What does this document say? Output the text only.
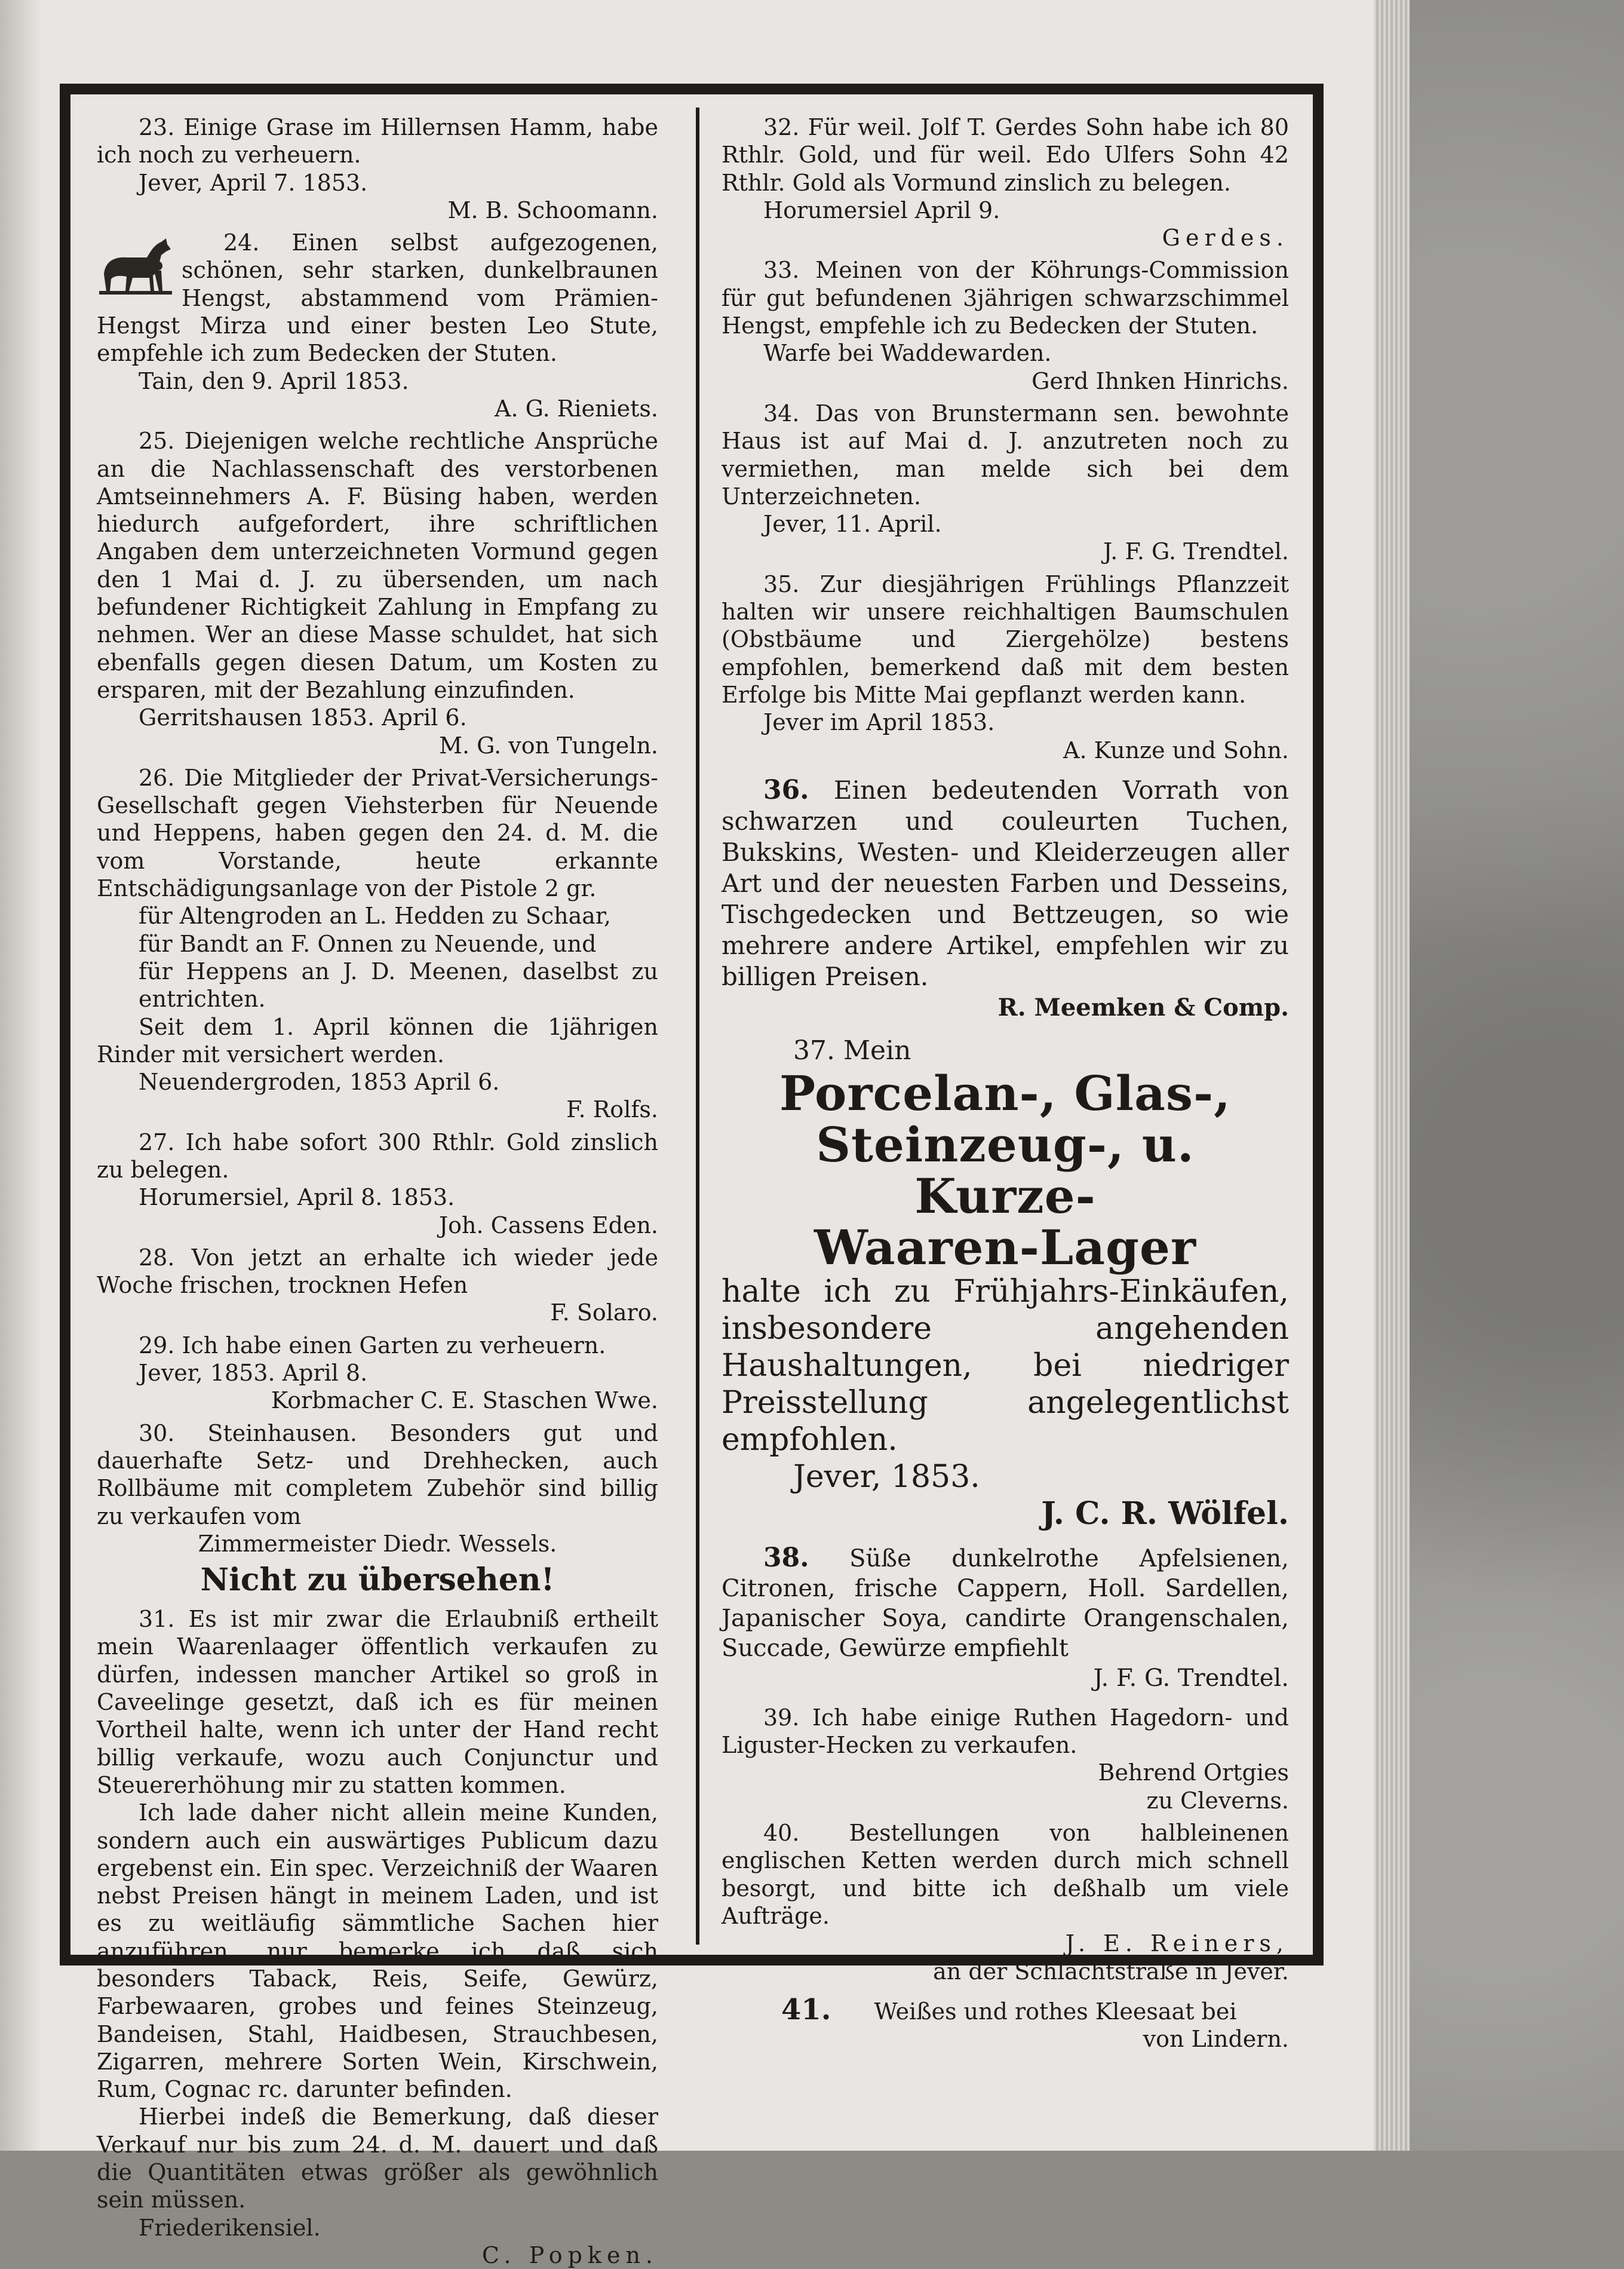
23. Einige Grase im Hillernsen Hamm, habe ich noch zu verheuern.

Jever, April 7. 1853.

M. B. Schoomann.

24. Einen selbst aufgezogenen, schönen, sehr starken, dunkelbraunen Hengst, abstammend vom Prämien-Hengst Mirza und einer besten Leo Stute, empfehle ich zum Bedecken der Stuten.

Tain, den 9. April 1853.

A. G. Rieniets.

25. Diejenigen welche rechtliche Ansprüche an die Nachlassenschaft des verstorbenen Amtseinnehmers A. F. Büsing haben, werden hiedurch aufgefordert, ihre schriftlichen Angaben dem unterzeichneten Vormund gegen den 1 Mai d. J. zu übersenden, um nach befundener Richtigkeit Zahlung in Empfang zu nehmen. Wer an diese Masse schuldet, hat sich ebenfalls gegen diesen Datum, um Kosten zu ersparen, mit der Bezahlung einzufinden.

Gerritshausen 1853. April 6.

M. G. von Tungeln.

26. Die Mitglieder der Privat-Versicherungs-Gesellschaft gegen Viehsterben für Neuende und Heppens, haben gegen den 24. d. M. die vom Vorstande, heute erkannte Entschädigungsanlage von der Pistole 2 gr.

für Altengroden an L. Hedden zu Schaar,

für Bandt an F. Onnen zu Neuende, und

für Heppens an J. D. Meenen, daselbst zu entrichten.

Seit dem 1. April können die 1jährigen Rinder mit versichert werden.

Neuendergroden, 1853 April 6.

F. Rolfs.

27. Ich habe sofort 300 Rthlr. Gold zinslich zu belegen.

Horumersiel, April 8. 1853.

Joh. Cassens Eden.

28. Von jetzt an erhalte ich wieder jede Woche frischen, trocknen Hefen

F. Solaro.

29. Ich habe einen Garten zu verheuern.

Jever, 1853. April 8.

Korbmacher C. E. Staschen Wwe.

30. Steinhausen. Besonders gut und dauerhafte Setz- und Drehhecken, auch Rollbäume mit completem Zubehör sind billig zu verkaufen vom

Zimmermeister Diedr. Wessels.

Nicht zu übersehen!

31. Es ist mir zwar die Erlaubniß ertheilt mein Waarenlaager öffentlich verkaufen zu dürfen, indessen mancher Artikel so groß in Caveelinge gesetzt, daß ich es für meinen Vortheil halte, wenn ich unter der Hand recht billig verkaufe, wozu auch Conjunctur und Steuererhöhung mir zu statten kommen.

Ich lade daher nicht allein meine Kunden, sondern auch ein auswärtiges Publicum dazu ergebenst ein. Ein spec. Verzeichniß der Waaren nebst Preisen hängt in meinem Laden, und ist es zu weitläufig sämmtliche Sachen hier anzuführen, nur bemerke ich daß sich besonders Taback, Reis, Seife, Gewürz, Farbewaaren, grobes und feines Steinzeug, Bandeisen, Stahl, Haidbesen, Strauchbesen, Zigarren, mehrere Sorten Wein, Kirschwein, Rum, Cognac rc. darunter befinden.

Hierbei indeß die Bemerkung, daß dieser Verkauf nur bis zum 24. d. M. dauert und daß die Quantitäten etwas größer als gewöhnlich sein müssen.

Friederikensiel.

C. Popken.

32. Für weil. Jolf T. Gerdes Sohn habe ich 80 Rthlr. Gold, und für weil. Edo Ulfers Sohn 42 Rthlr. Gold als Vormund zinslich zu belegen.

Horumersiel April 9.

Gerdes.

33. Meinen von der Köhrungs-Commission für gut befundenen 3jährigen schwarzschimmel Hengst, empfehle ich zu Bedecken der Stuten.

Warfe bei Waddewarden.

Gerd Ihnken Hinrichs.

34. Das von Brunstermann sen. bewohnte Haus ist auf Mai d. J. anzutreten noch zu vermiethen, man melde sich bei dem Unterzeichneten.

Jever, 11. April.

J. F. G. Trendtel.

35. Zur diesjährigen Frühlings Pflanzzeit halten wir unsere reichhaltigen Baumschulen (Obstbäume und Ziergehölze) bestens empfohlen, bemerkend daß mit dem besten Erfolge bis Mitte Mai gepflanzt werden kann.

Jever im April 1853.

A. Kunze und Sohn.

36. Einen bedeutenden Vorrath von schwarzen und couleurten Tuchen, Bukskins, Westen- und Kleiderzeugen aller Art und der neuesten Farben und Desseins, Tischgedecken und Bettzeugen, so wie mehrere andere Artikel, empfehlen wir zu billigen Preisen.

R. Meemken & Comp.

37. Mein

Porcelan-, Glas-,

Steinzeug-, u. Kurze-

Waaren-Lager

halte ich zu Frühjahrs-Einkäufen, insbesondere angehenden Haushaltungen, bei niedriger Preisstellung angelegentlichst empfohlen.

Jever, 1853.

J. C. R. Wölfel.

38. Süße dunkelrothe Apfelsienen, Citronen, frische Cappern, Holl. Sardellen, Japanischer Soya, candirte Orangenschalen, Succade, Gewürze empfiehlt

J. F. G. Trendtel.

39. Ich habe einige Ruthen Hagedorn- und Liguster-Hecken zu verkaufen.

Behrend Ortgies

zu Cleverns.

40. Bestellungen von halbleinenen englischen Ketten werden durch mich schnell besorgt, und bitte ich deßhalb um viele Aufträge.

J. E. Reiners,

an der Schlachtstraße in Jever.

41. Weißes und rothes Kleesaat bei

von Lindern.
